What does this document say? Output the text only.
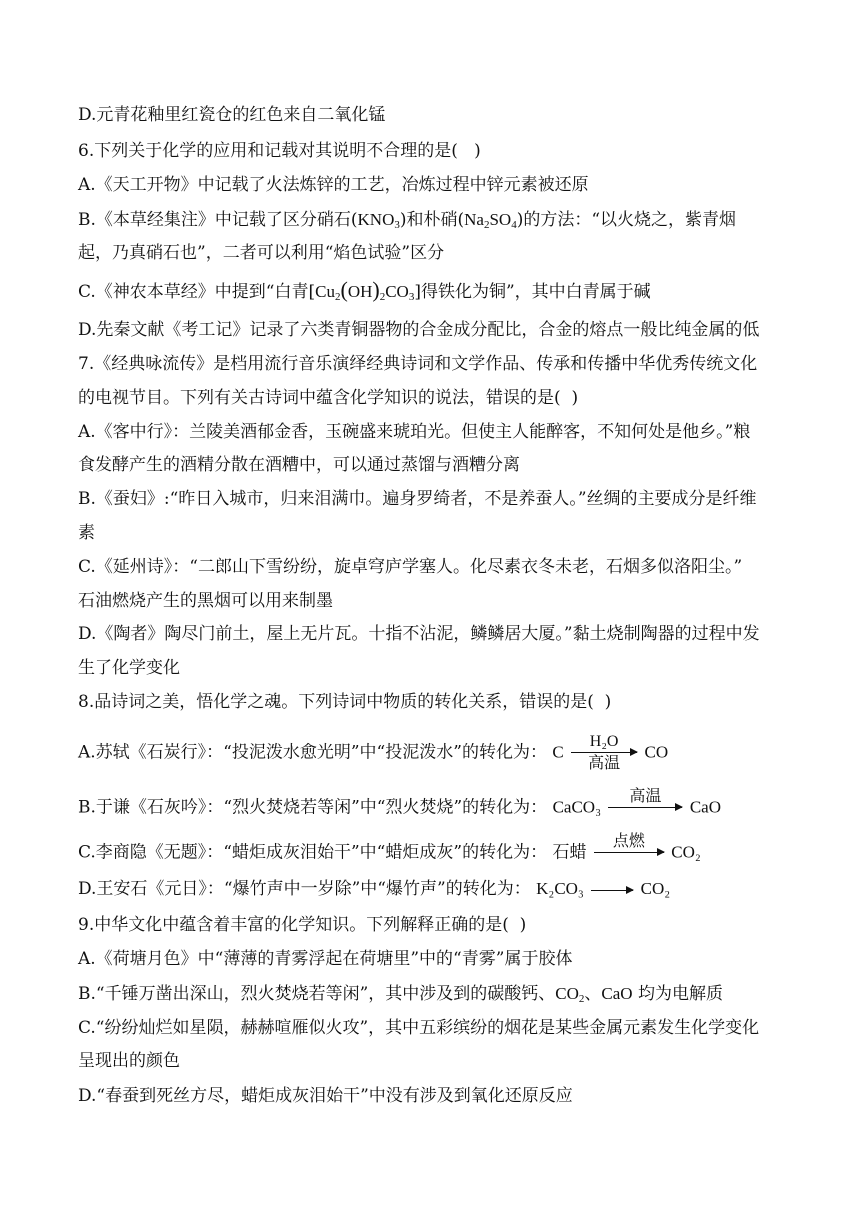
D.元青花釉里红瓷仓的红色来自二氧化锰
6.下列关于化学的应用和记载对其说明不合理的是(   )
A.《天工开物》中记载了火法炼锌的工艺，冶炼过程中锌元素被还原
B.《本草经集注》中记载了区分硝石$(KNO_3)$和朴硝$(Na_2SO_4)$的方法：“以火烧之，紫青烟
起，乃真硝石也”，二者可以利用“焰色试验”区分
C.《神农本草经》中提到“白青$[Cu_2(OH)_2CO_3]$得铁化为铜”，其中白青属于碱
D.先秦文献《考工记》记录了六类青铜器物的合金成分配比，合金的熔点一般比纯金属的低
7.《经典咏流传》是档用流行音乐演绎经典诗词和文学作品、传承和传播中华优秀传统文化
的电视节目。下列有关古诗词中蕴含化学知识的说法，错误的是(  )
A.《客中行》：兰陵美酒郁金香，玉碗盛来琥珀光。但使主人能醉客，不知何处是他乡。”粮
食发酵产生的酒精分散在酒糟中，可以通过蒸馏与酒糟分离
B.《蚕妇》:“昨日入城市，归来泪满巾。遍身罗绮者，不是养蚕人。”丝绸的主要成分是纤维
素
C.《延州诗》：“二郎山下雪纷纷，旋卓穹庐学塞人。化尽素衣冬未老，石烟多似洛阳尘。”
石油燃烧产生的黑烟可以用来制墨
D.《陶者》陶尽门前土，屋上无片瓦。十指不沾泥，鳞鳞居大厦。”黏土烧制陶器的过程中发
生了化学变化
8.品诗词之美，悟化学之魂。下列诗词中物质的转化关系，错误的是(  )
A.苏轼《石炭行》：“投泥泼水愈光明”中“投泥泼水”的转化为： C
H₂O
高温
CO
B.于谦《石灰吟》：“烈火焚烧若等闲”中“烈火焚烧”的转化为： CaCO₃
高温
CaO
C.李商隐《无题》：“蜡炬成灰泪始干”中“蜡炬成灰”的转化为： 石蜡
点燃
CO₂
D.王安石《元日》：“爆竹声中一岁除”中“爆竹声”的转化为： K₂CO₃ → CO₂
9.中华文化中蕴含着丰富的化学知识。下列解释正确的是(  )
A.《荷塘月色》中“薄薄的青雾浮起在荷塘里”中的“青雾”属于胶体
B.“千锤万凿出深山，烈火焚烧若等闲”，其中涉及到的碳酸钙、$CO_2$、CaO 均为电解质
C.“纷纷灿烂如星陨，赫赫喧雁似火攻”，其中五彩缤纷的烟花是某些金属元素发生化学变化
呈现出的颜色
D.“春蚕到死丝方尽，蜡炬成灰泪始干”中没有涉及到氧化还原反应
